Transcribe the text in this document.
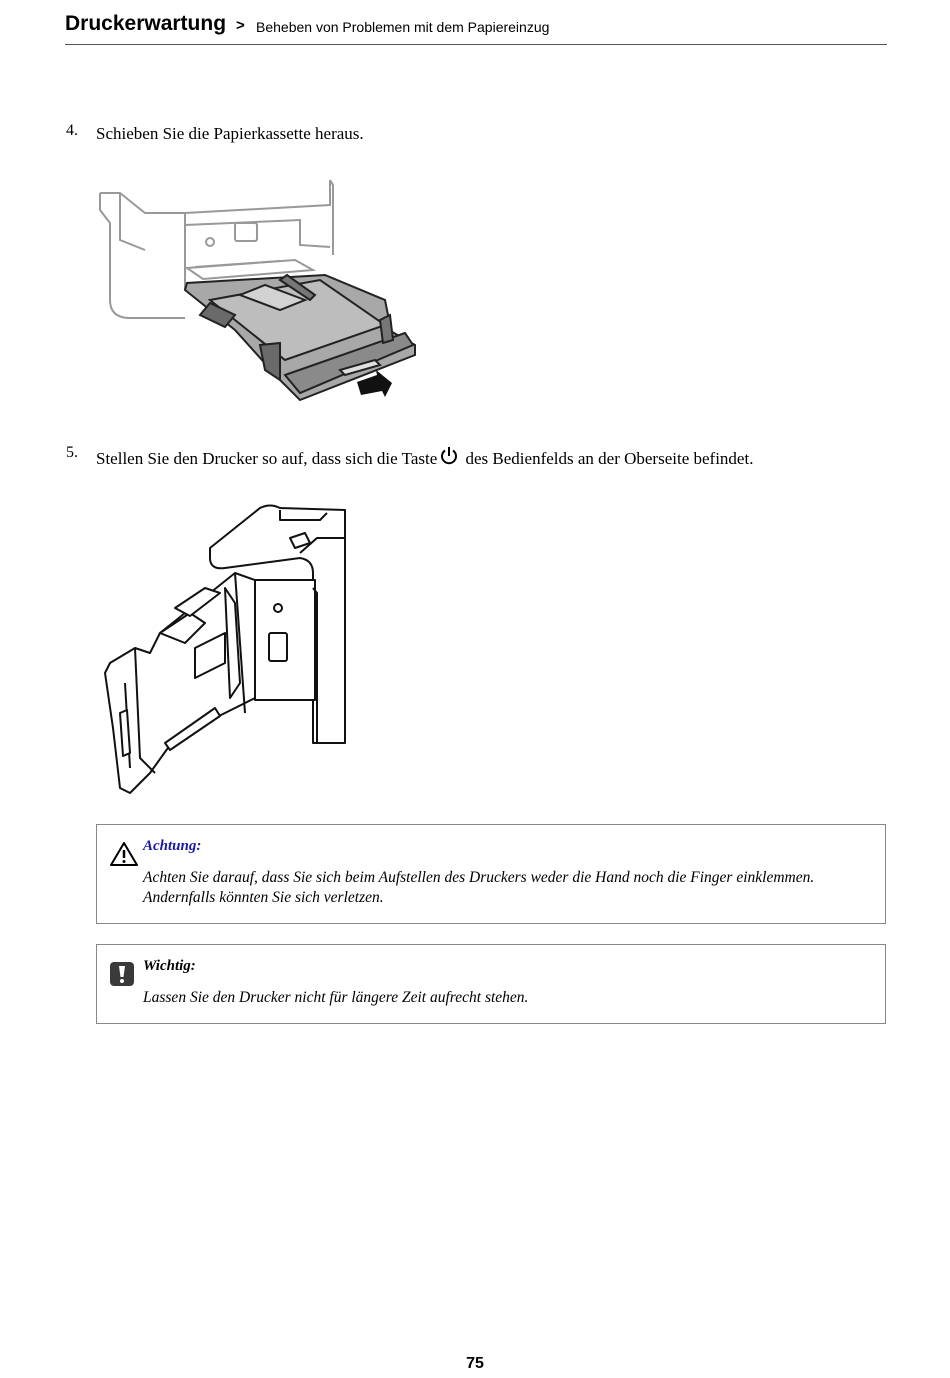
Druckerwartung > Beheben von Problemen mit dem Papiereinzug
4. Schieben Sie die Papierkassette heraus.
5. Stellen Sie den Drucker so auf, dass sich die Taste des Bedienfelds an der Oberseite befindet.
Achtung:
Achten Sie darauf, dass Sie sich beim Aufstellen des Druckers weder die Hand noch die Finger einklemmen. Andernfalls könnten Sie sich verletzen.
Wichtig:
Lassen Sie den Drucker nicht für längere Zeit aufrecht stehen.
75
